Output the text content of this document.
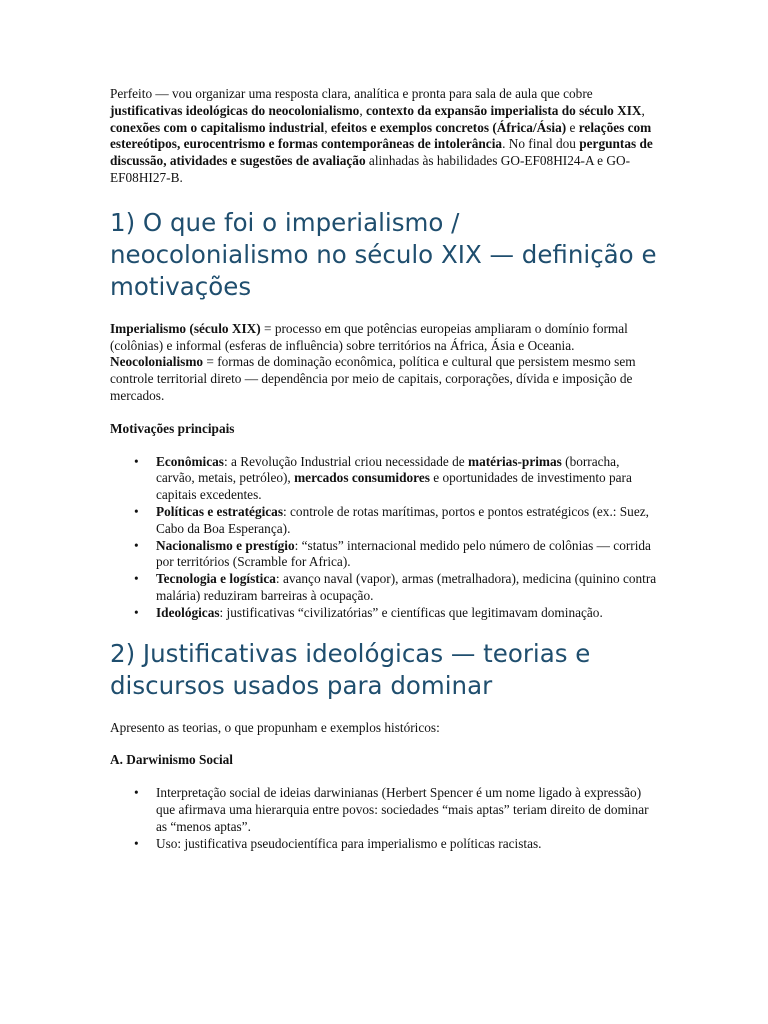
Perfeito — vou organizar uma resposta clara, analítica e pronta para sala de aula que cobre justificativas ideológicas do neocolonialismo, contexto da expansão imperialista do século XIX, conexões com o capitalismo industrial, efeitos e exemplos concretos (África/Ásia) e relações com estereótipos, eurocentrismo e formas contemporâneas de intolerância. No final dou perguntas de discussão, atividades e sugestões de avaliação alinhadas às habilidades GO-EF08HI24-A e GO-EF08HI27-B.

1) O que foi o imperialismo / neocolonialismo no século XIX — definição e motivações

Imperialismo (século XIX) = processo em que potências europeias ampliaram o domínio formal (colônias) e informal (esferas de influência) sobre territórios na África, Ásia e Oceania.
Neocolonialismo = formas de dominação econômica, política e cultural que persistem mesmo sem controle territorial direto — dependência por meio de capitais, corporações, dívida e imposição de mercados.

Motivações principais

• Econômicas: a Revolução Industrial criou necessidade de matérias-primas (borracha, carvão, metais, petróleo), mercados consumidores e oportunidades de investimento para capitais excedentes.
• Políticas e estratégicas: controle de rotas marítimas, portos e pontos estratégicos (ex.: Suez, Cabo da Boa Esperança).
• Nacionalismo e prestígio: “status” internacional medido pelo número de colônias — corrida por territórios (Scramble for Africa).
• Tecnologia e logística: avanço naval (vapor), armas (metralhadora), medicina (quinino contra malária) reduziram barreiras à ocupação.
• Ideológicas: justificativas “civilizatórias” e científicas que legitimavam dominação.
2) Justificativas ideológicas — teorias e discursos usados para dominar

Apresento as teorias, o que propunham e exemplos históricos:

A. Darwinismo Social

• Interpretação social de ideias darwinianas (Herbert Spencer é um nome ligado à expressão) que afirmava uma hierarquia entre povos: sociedades “mais aptas” teriam direito de dominar as “menos aptas”.
• Uso: justificativa pseudocientífica para imperialismo e políticas racistas.
